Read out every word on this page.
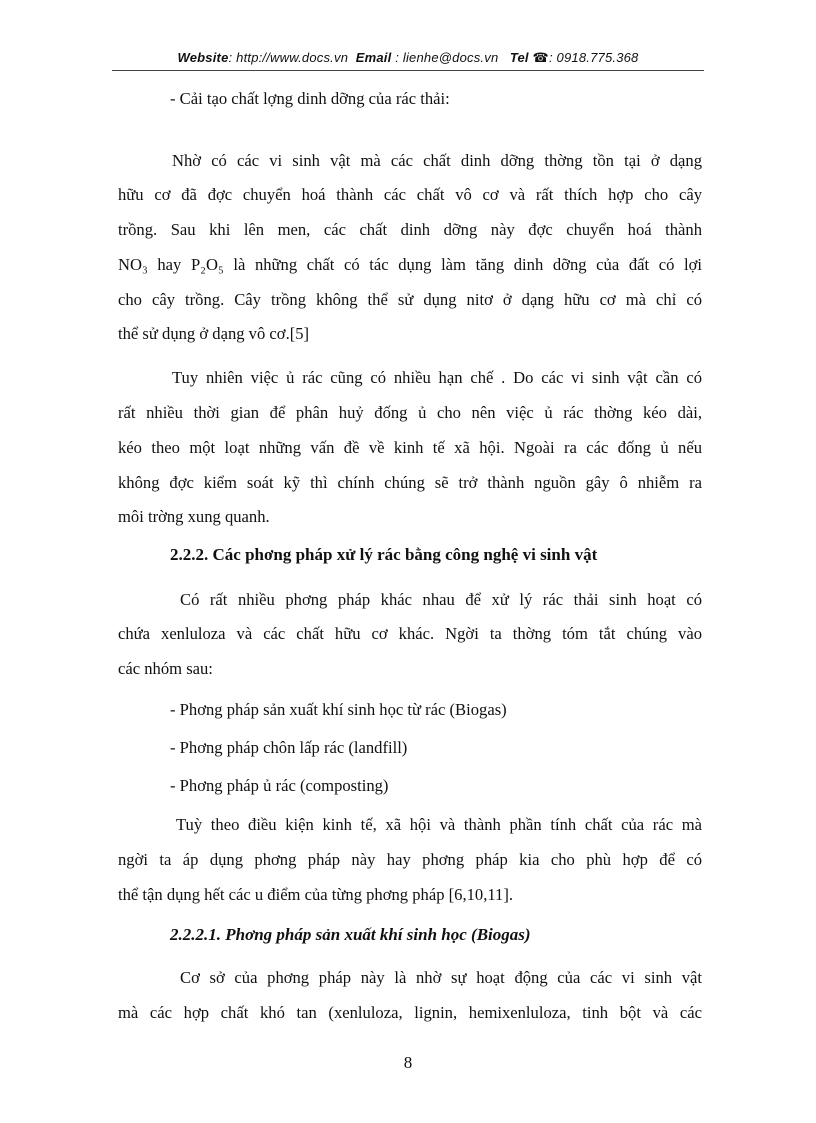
Website: http://www.docs.vn Email : lienhe@docs.vn Tel ☎: 0918.775.368
- Cải tạo chất lợng dinh dỡng của rác thải:
Nhờ có các vi sinh vật mà các chất dinh dỡng thờng tồn tại ở dạng
hữu cơ đã đợc chuyển hoá thành các chất vô cơ và rất thích hợp cho cây
trồng. Sau khi lên men, các chất dinh dỡng này đợc chuyển hoá thành
NO₃ hay P₂O₅ là những chất có tác dụng làm tăng dinh dỡng của đất có lợi
cho cây trồng. Cây trồng không thể sử dụng nitơ ở dạng hữu cơ mà chỉ có
thể sử dụng ở dạng vô cơ.[5]
Tuy nhiên việc ủ rác cũng có nhiều hạn chế . Do các vi sinh vật cần có
rất nhiều thời gian để phân huỷ đống ủ cho nên việc ủ rác thờng kéo dài,
kéo theo một loạt những vấn đề về kinh tế xã hội. Ngoài ra các đống ủ nếu
không đợc kiểm soát kỹ thì chính chúng sẽ trở thành nguồn gây ô nhiễm ra
môi trờng xung quanh.
2.2.2. Các phơng pháp xử lý rác bằng công nghệ vi sinh vật
Có rất nhiều phơng pháp khác nhau để xử lý rác thải sinh hoạt có
chứa xenluloza và các chất hữu cơ khác. Ngời ta thờng tóm tắt chúng vào
các nhóm sau:
- Phơng pháp sản xuất khí sinh học từ rác (Biogas)
- Phơng pháp chôn lấp rác (landfill)
- Phơng pháp ủ rác (composting)
Tuỳ theo điều kiện kinh tế, xã hội và thành phần tính chất của rác mà
ngời ta áp dụng phơng pháp này hay phơng pháp kia cho phù hợp để có
thể tận dụng hết các u điểm của từng phơng pháp [6,10,11].
2.2.2.1. Phơng pháp sản xuất khí sinh học (Biogas)
Cơ sở của phơng pháp này là nhờ sự hoạt động của các vi sinh vật
mà các hợp chất khó tan (xenluloza, lignin, hemixenluloza, tinh bột và các
8
